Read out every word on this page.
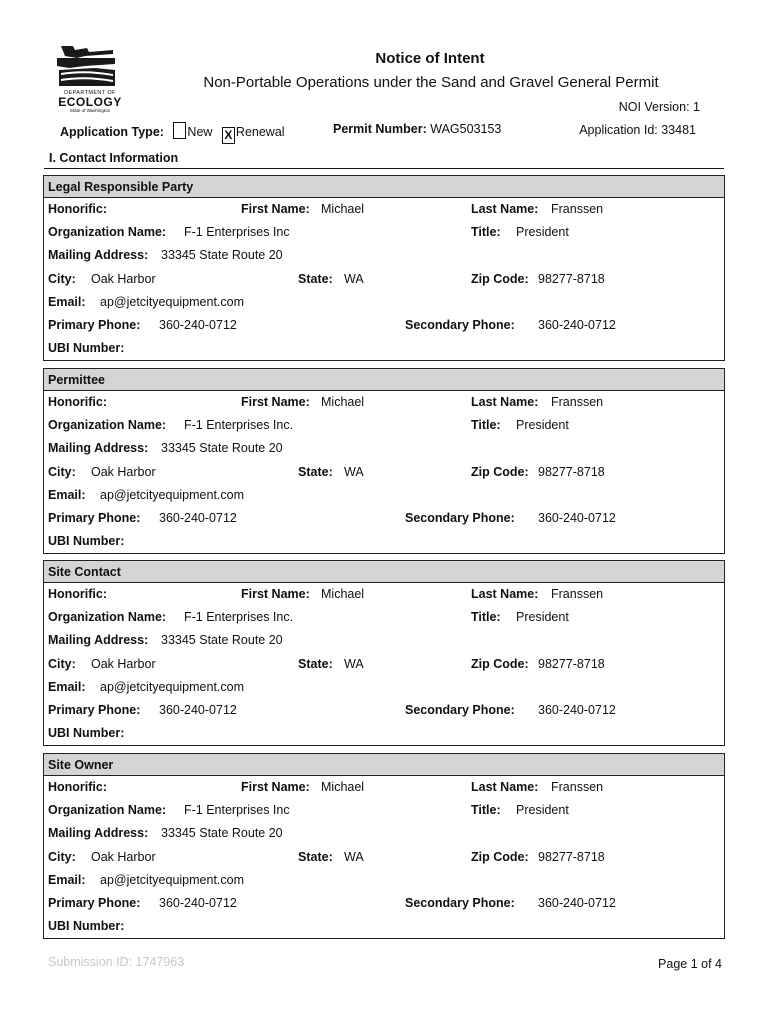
DEPARTMENT OF
ECOLOGY
State of Washington
Notice of Intent
Non-Portable Operations under the Sand and Gravel General Permit
NOI Version: 1
Application Type: New X Renewal	Permit Number: WAG503153	Application Id: 33481
I. Contact Information
Legal Responsible Party
Honorific:	First Name: Michael	Last Name: Franssen
Organization Name: F-1 Enterprises Inc	Title: President
Mailing Address: 33345 State Route 20
City: Oak Harbor	State: WA	Zip Code: 98277-8718
Email: ap@jetcityequipment.com
Primary Phone: 360-240-0712	Secondary Phone: 360-240-0712
UBI Number:
Permittee
Honorific:	First Name: Michael	Last Name: Franssen
Organization Name: F-1 Enterprises Inc.	Title: President
Mailing Address: 33345 State Route 20
City: Oak Harbor	State: WA	Zip Code: 98277-8718
Email: ap@jetcityequipment.com
Primary Phone: 360-240-0712	Secondary Phone: 360-240-0712
UBI Number:
Site Contact
Honorific:	First Name: Michael	Last Name: Franssen
Organization Name: F-1 Enterprises Inc.	Title: President
Mailing Address: 33345 State Route 20
City: Oak Harbor	State: WA	Zip Code: 98277-8718
Email: ap@jetcityequipment.com
Primary Phone: 360-240-0712	Secondary Phone: 360-240-0712
UBI Number:
Site Owner
Honorific:	First Name: Michael	Last Name: Franssen
Organization Name: F-1 Enterprises Inc	Title: President
Mailing Address: 33345 State Route 20
City: Oak Harbor	State: WA	Zip Code: 98277-8718
Email: ap@jetcityequipment.com
Primary Phone: 360-240-0712	Secondary Phone: 360-240-0712
UBI Number:
Submission ID: 1747963	Page 1 of 4
